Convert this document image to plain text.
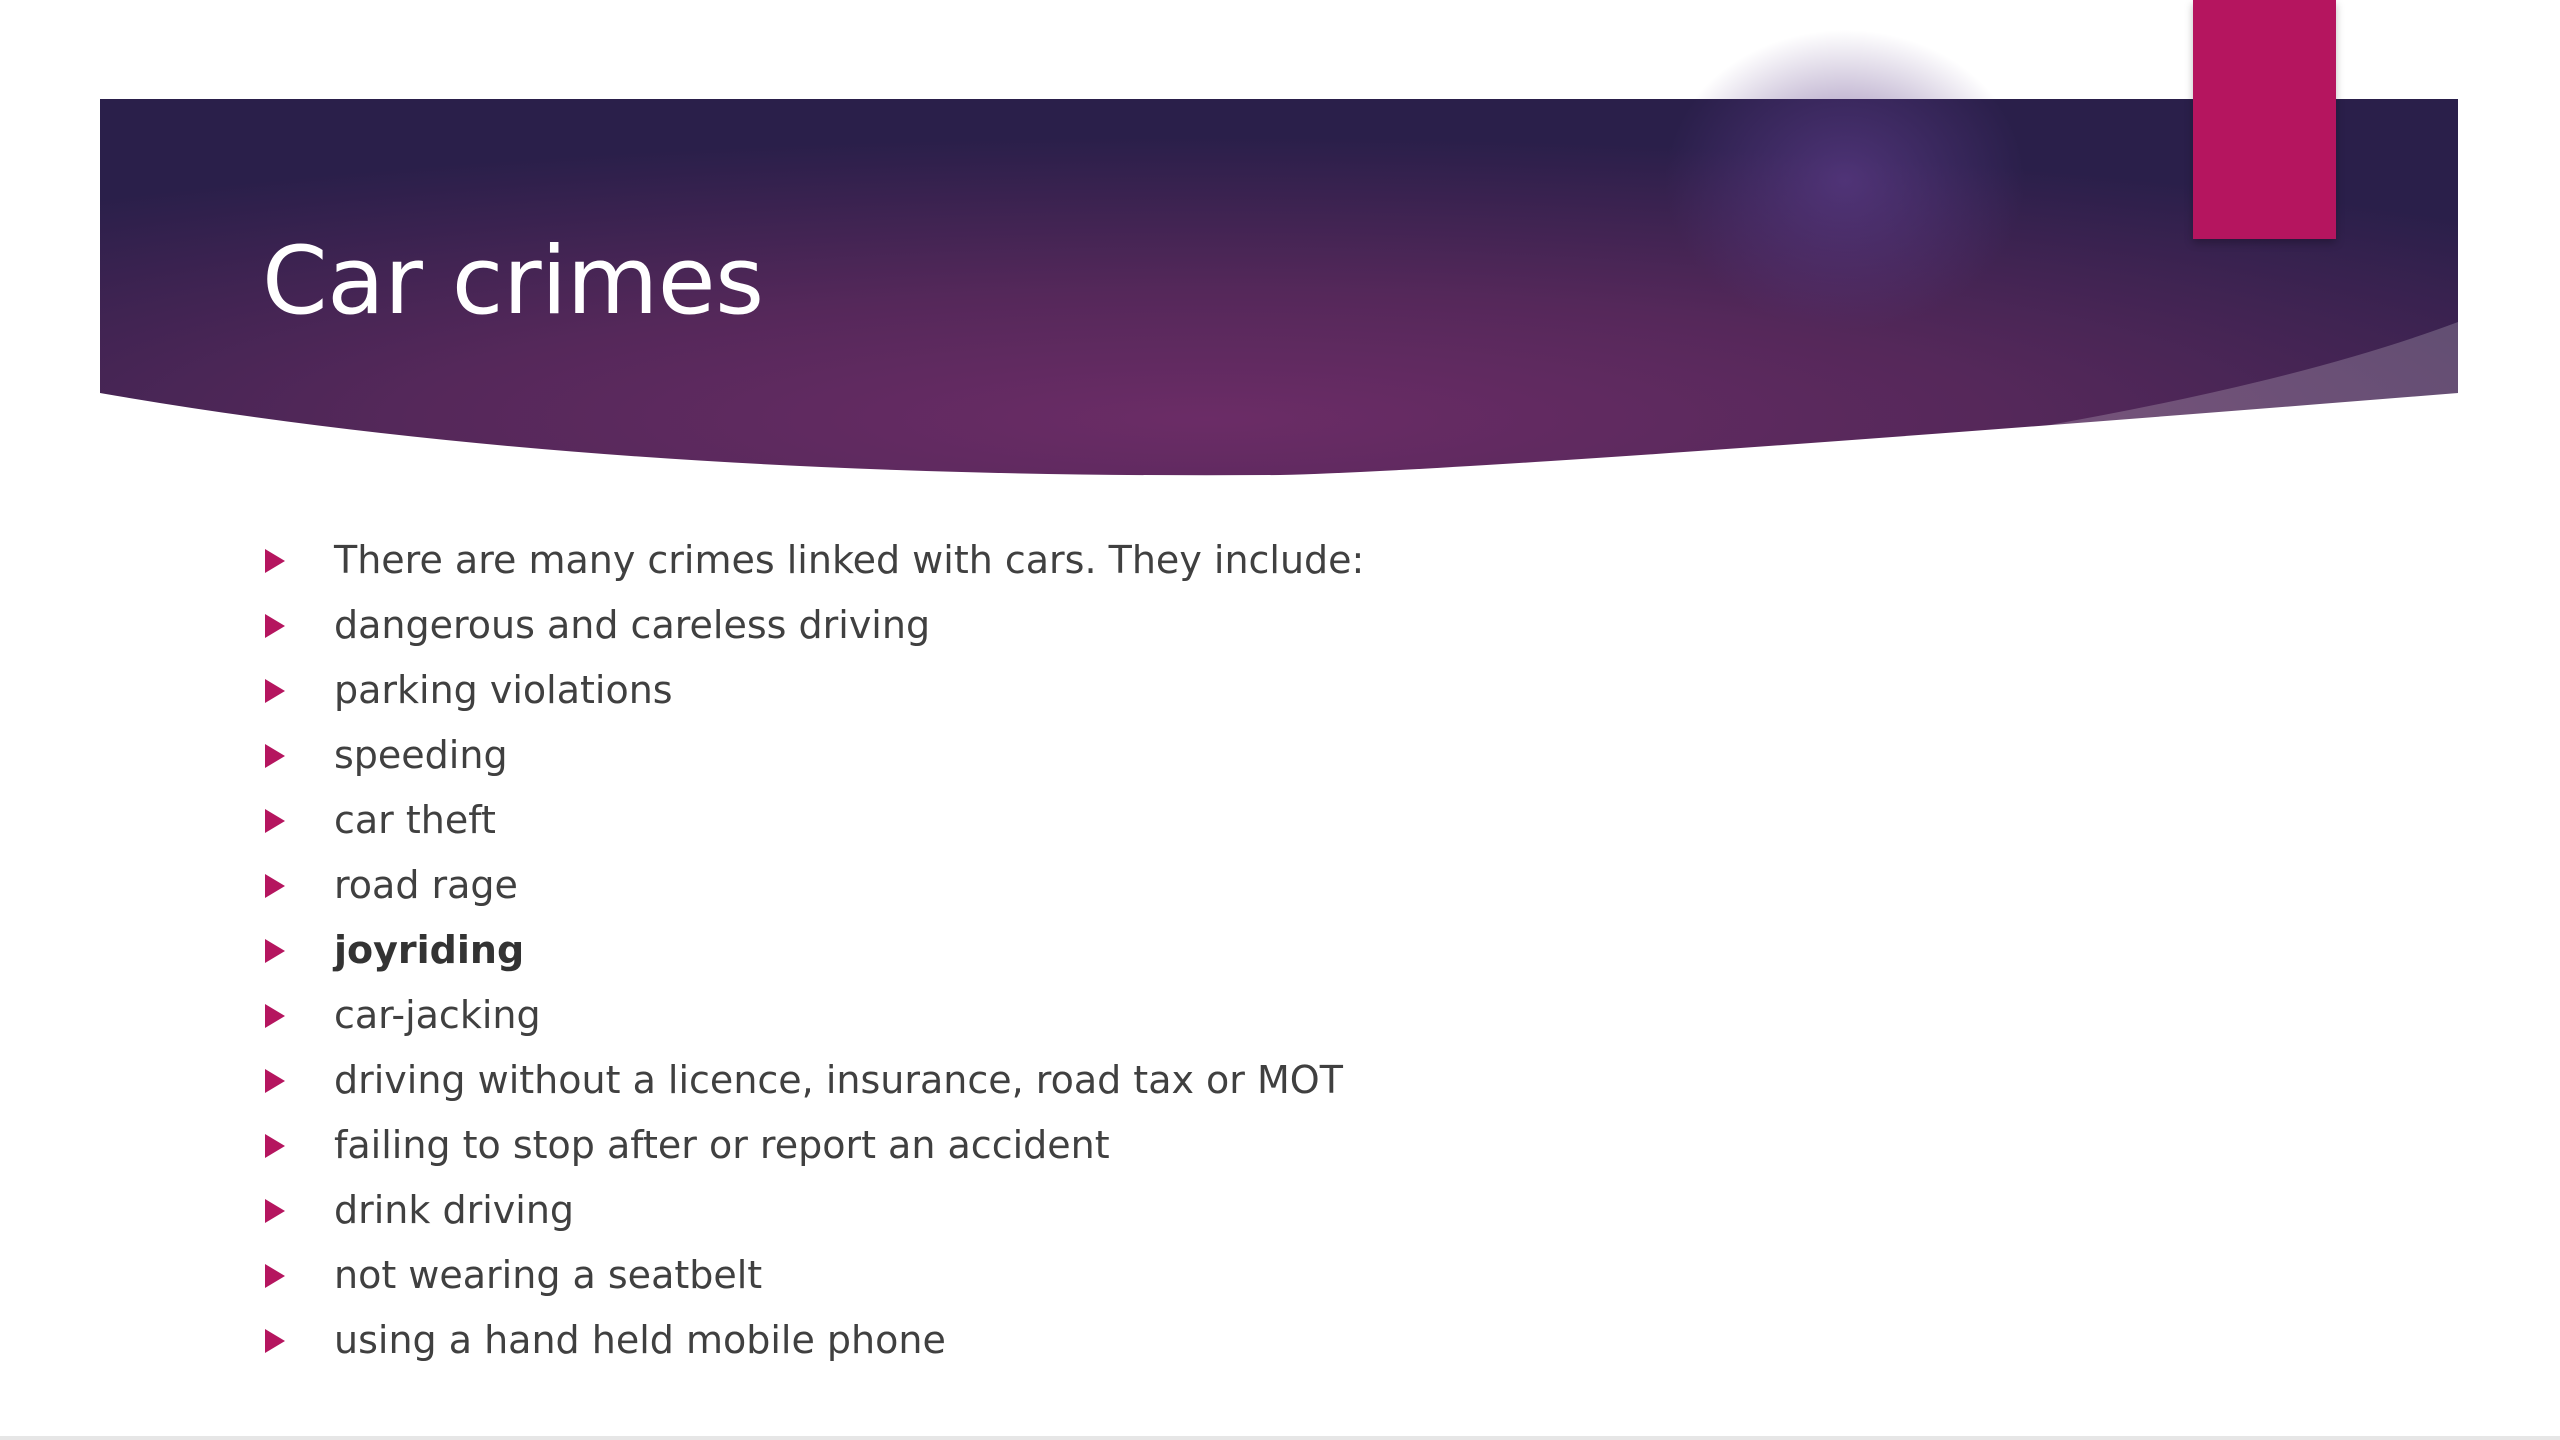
Car crimes
There are many crimes linked with cars. They include:
dangerous and careless driving
parking violations
speeding
car theft
road rage
joyriding
car-jacking
driving without a licence, insurance, road tax or MOT
failing to stop after or report an accident
drink driving
not wearing a seatbelt
using a hand held mobile phone
